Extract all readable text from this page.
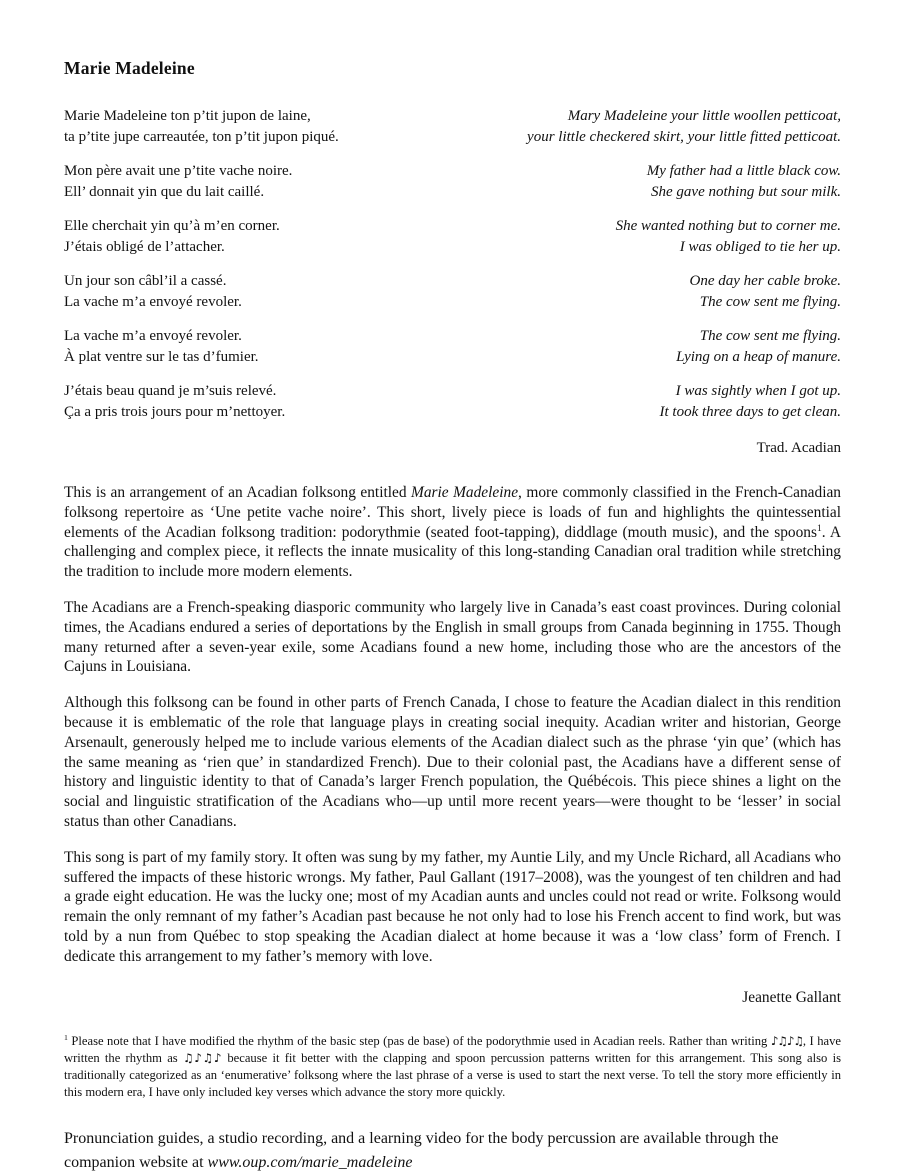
Marie Madeleine
Marie Madeleine ton p’tit jupon de laine,
ta p’tite jupe carreautée, ton p’tit jupon piqué.
Mon père avait une p’tite vache noire.
Ell’ donnait yin que du lait caillé.
Elle cherchait yin qu’à m’en corner.
J’étais obligé de l’attacher.
Un jour son câbl’il a cassé.
La vache m’a envoyé revoler.
La vache m’a envoyé revoler.
À plat ventre sur le tas d’fumier.
J’étais beau quand je m’suis relevé.
Ça a pris trois jours pour m’nettoyer.
Mary Madeleine your little woollen petticoat,
your little checkered skirt, your little fitted petticoat.
My father had a little black cow.
She gave nothing but sour milk.
She wanted nothing but to corner me.
I was obliged to tie her up.
One day her cable broke.
The cow sent me flying.
The cow sent me flying.
Lying on a heap of manure.
I was sightly when I got up.
It took three days to get clean.
Trad. Acadian
This is an arrangement of an Acadian folksong entitled Marie Madeleine, more commonly classified in the French-Canadian folksong repertoire as ‘Une petite vache noire’. This short, lively piece is loads of fun and highlights the quintessential elements of the Acadian folksong tradition: podorythmie (seated foot-tapping), diddlage (mouth music), and the spoons$^1$. A challenging and complex piece, it reflects the innate musicality of this long-standing Canadian oral tradition while stretching the tradition to include more modern elements.
The Acadians are a French-speaking diasporic community who largely live in Canada’s east coast provinces. During colonial times, the Acadians endured a series of deportations by the English in small groups from Canada beginning in 1755. Though many returned after a seven-year exile, some Acadians found a new home, including those who are the ancestors of the Cajuns in Louisiana.
Although this folksong can be found in other parts of French Canada, I chose to feature the Acadian dialect in this rendition because it is emblematic of the role that language plays in creating social inequity. Acadian writer and historian, George Arsenault, generously helped me to include various elements of the Acadian dialect such as the phrase ‘yin que’ (which has the same meaning as ‘rien que’ in standardized French). Due to their colonial past, the Acadians have a different sense of history and linguistic identity to that of Canada’s larger French population, the Québécois. This piece shines a light on the social and linguistic stratification of the Acadians who—up until more recent years—were thought to be ‘lesser’ in social status than other Canadians.
This song is part of my family story. It often was sung by my father, my Auntie Lily, and my Uncle Richard, all Acadians who suffered the impacts of these historic wrongs. My father, Paul Gallant (1917–2008), was the youngest of ten children and had a grade eight education. He was the lucky one; most of my Acadian aunts and uncles could not read or write. Folksong would remain the only remnant of my father’s Acadian past because he not only had to lose his French accent to find work, but was told by a nun from Québec to stop speaking the Acadian dialect at home because it was a ‘low class’ form of French. I dedicate this arrangement to my father’s memory with love.
Jeanette Gallant
$^1$ Please note that I have modified the rhythm of the basic step (pas de base) of the podorythmie used in Acadian reels. Rather than writing ♪♫♪♫, I have written the rhythm as ♫♪♫♪ because it fit better with the clapping and spoon percussion patterns written for this arrangement. This song also is traditionally categorized as an ‘enumerative’ folksong where the last phrase of a verse is used to start the next verse. To tell the story more efficiently in this modern era, I have only included key verses which advance the story more quickly.
Pronunciation guides, a studio recording, and a learning video for the body percussion are available through the
companion website at www.oup.com/marie_madeleine
